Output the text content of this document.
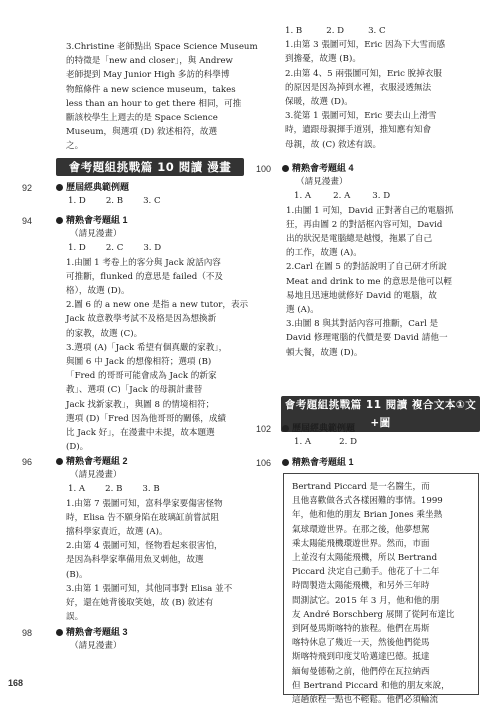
92
94
96
98
100
102
106
3.Christine 老師點出 Space Science Museum
的特徵是「new and closer」，與 Andrew
老師提到 May Junior High 多訪的科學博
物館條件 a new science museum，takes
less than an hour to get there 相同，可推
斷該校學生上週去的是 Space Science
Museum，與選項 (D) 敘述相符，故選
之。
會考題組挑戰篇 10 閱讀 漫畫
歷屆經典範例題
1. D 2. B 3. C
精熟會考題組 1
（請見漫畫）
1. D 2. C 3. D
1.由圖 1 考卷上的客分與 Jack 說話內容
可推斷，flunked 的意思是 failed（不及
格），故選 (D)。
2.圖 6 的 a new one 是指 a new tutor，表示
Jack 故意教學考試不及格是因為想換新
的家教，故選 (C)。
3.選項 (A)「Jack 希望有個真嚴的家教」，
與圖 6 中 Jack 的想像相符；選項 (B)
「Fred 的哥哥可能會成為 Jack 的新家
教」、選項 (C)「Jack 的母親計畫替
Jack 找新家教」，與圖 8 的情境相符；
選項 (D)「Fred 因為他哥哥的關係，成績
比 Jack 好」，在漫畫中未提，故本題選
(D)。
精熟會考題組 2
（請見漫畫）
1. A 2. B 3. B
1.由第 7 張圖可知，富科學家要傷害怪物
時，Elisa 告不願身陷在玻璃缸前嘗試阻
擋科學家責近，故選 (A)。
2.由第 4 張圖可知，怪物看起來很害怕，
是因為科學家準備用魚叉刺他，故選
(B)。
3.由第 1 張圖可知，其他同事對 Elisa 並不
好，還在她背後取笑她，故 (B) 敘述有
誤。
精熟會考題組 3
（請見漫畫）
168
1. B	2. D	3. C
1.由第 3 張圖可知，Eric 因為下大雪而感
到擔憂，故選 (B)。
2.由第 4、5 兩張圖可知，Eric 脫掉衣服
的原因是因為掉到水裡，衣服浸透無法
保暖，故選 (D)。
3.從第 1 張圖可知，Eric 要去山上滑雪
時，遺跟母親揮手道別，推知應有知會
母親，故 (C) 敘述有誤。
精熟會考題組 4
（請見漫畫）
1. A	2. A	3. D
1.由圖 1 可知，David 正對著自己的電腦抓
狂，再由圖 2 的對話框內容可知，David
出的狀況是電腦總是越慢，拖累了自己
的工作，故選 (A)。
2.Carl 在圖 5 的對話說明了自己研才所說
Meat and drink to me 的意思是他可以輕
易地且迅速地就修好 David 的電腦，故
選 (A)。
3.由圖 8 與其對話內容可推斷，Carl 是
David 修理電腦的代價是要 David 請他一
頓大餐，故選 (D)。
會考題組挑戰篇 11 閱讀 複合文本①文+圖
歷屆經典範例題
1. A	2. D
精熟會考題組 1
Bertrand Piccard 是一名醫生，而
且他喜歡做各式各樣困難的事情。1999
年，他和他的朋友 Brian Jones 乘坐熱
氣球環遊世界。在那之後，他夢想駕
乘太陽能飛機環遊世界。然而，市面
上並沒有太陽能飛機，所以 Bertrand
Piccard 決定自己動手。他花了十二年
時間製造太陽能飛機，和另外三年時
間測試它。2015 年 3 月，他和他的朋
友 André Borschberg 展開了從阿布達比
到阿曼馬斯喀特的旅程。他們在馬斯
喀特休息了幾近一天，然後他們從馬
斯喀特飛到印度艾哈邁達巴德。抵達
緬甸曼德勒之前，他們停在瓦拉納西
但 Bertrand Piccard 和他的朋友來說，
這趟旅程一點也不輕鬆。他們必須輪流
